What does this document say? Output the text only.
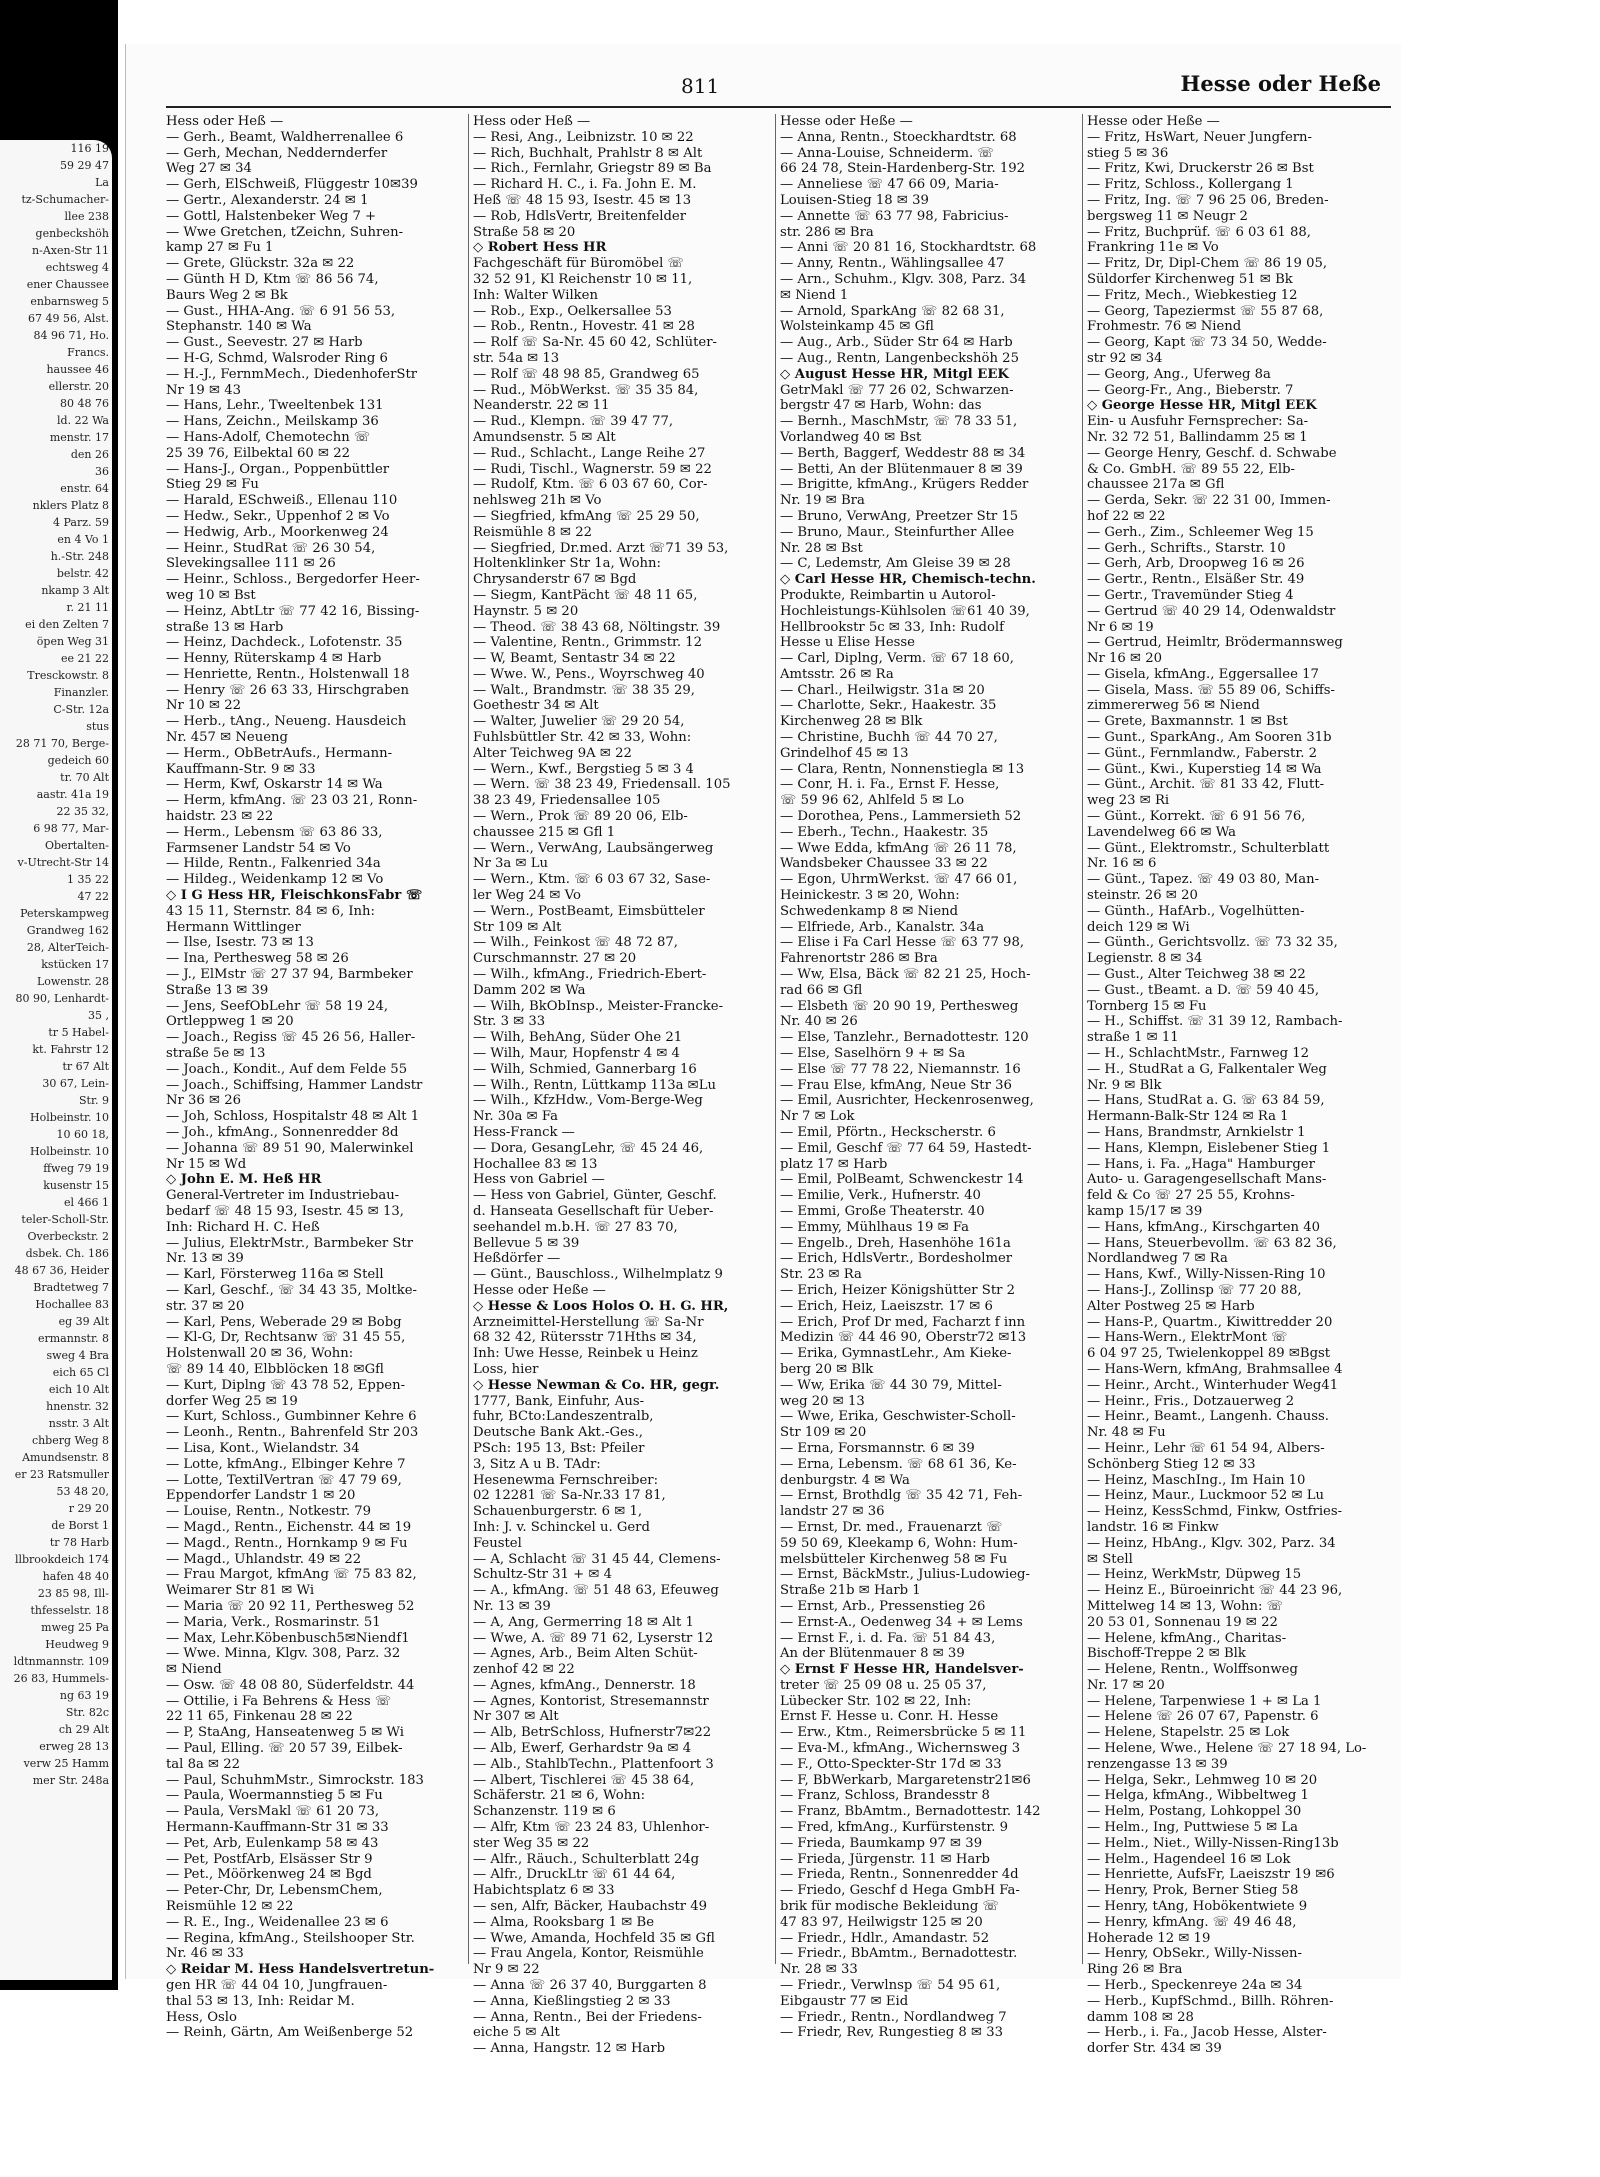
116 19
59 29 47
La
tz-Schumacher-
llee 238
genbeckshöh
n-Axen-Str 11
echtsweg 4
ener Chaussee
enbarnsweg 5
67 49 56, Alst.
84 96 71, Ho.
Francs.
haussee 46
ellerstr. 20
80 48 76
ld. 22 Wa
menstr. 17
den 26
36
enstr. 64
nklers Platz 8
4 Parz. 59
en 4 Vo 1
h.-Str. 248
belstr. 42
nkamp 3 Alt
r. 21 11
ei den Zelten 7
öpen Weg 31
ee 21 22
Tresckowstr. 8
Finanzler.
C-Str. 12a
stus
28 71 70, Berge-
gedeich 60
tr. 70 Alt
aastr. 41a 19
22 35 32,
6 98 77, Mar-
Obertalten-
v-Utrecht-Str 14
1 35 22
47 22
Peterskampweg
Grandweg 162
28, AlterTeich-
kstücken 17
Lowenstr. 28
80 90, Lenhardt-
35 ,
tr 5 Habel-
kt. Fahrstr 12
tr 67 Alt
30 67, Lein-
Str. 9
Holbeinstr. 10
10 60 18,
Holbeinstr. 10
ffweg 79 19
kusenstr 15
el 466 1
teler-Scholl-Str.
Overbeckstr. 2
dsbek. Ch. 186
48 67 36, Heider
Bradtetweg 7
Hochallee 83
eg 39 Alt
ermannstr. 8
sweg 4 Bra
eich 65 Cl
eich 10 Alt
hnenstr. 32
nsstr. 3 Alt
chberg Weg 8
Amundsenstr. 8
er 23 Ratsmuller
53 48 20,
r 29 20
de Borst 1
tr 78 Harb
llbrookdeich 174
hafen 48 40
23 85 98, Ill-
thfesselstr. 18
mweg 25 Pa
Heudweg 9
ldtnmannstr. 109
26 83, Hummels-
ng 63 19
Str. 82c
ch 29 Alt
erweg 28 13
verw 25 Hamm
mer Str. 248a
811	Hesse oder Heße
Hess oder Heß —
— Gerh., Beamt, Waldherrenallee 6
— Gerh, Mechan, Neddernderfer
Weg 27 ✉ 34
— Gerh, ElSchweiß, Flüggestr 10✉39
— Gertr., Alexanderstr. 24 ✉ 1
— Gottl, Halstenbeker Weg 7 +
— Wwe Gretchen, tZeichn, Suhren-
kamp 27 ✉ Fu 1
— Grete, Glückstr. 32a ✉ 22
— Günth H D, Ktm ☏ 86 56 74,
Baurs Weg 2 ✉ Bk
— Gust., HHA-Ang. ☏ 6 91 56 53,
Stephanstr. 140 ✉ Wa
— Gust., Seevestr. 27 ✉ Harb
— H-G, Schmd, Walsroder Ring 6
— H.-J., FernmMech., DiedenhoferStr
Nr 19 ✉ 43
— Hans, Lehr., Tweeltenbek 131
— Hans, Zeichn., Meilskamp 36
— Hans-Adolf, Chemotechn ☏
25 39 76, Eilbektal 60 ✉ 22
— Hans-J., Organ., Poppenbüttler
Stieg 29 ✉ Fu
— Harald, ESchweiß., Ellenau 110
— Hedw., Sekr., Uppenhof 2 ✉ Vo
— Hedwig, Arb., Moorkenweg 24
— Heinr., StudRat ☏ 26 30 54,
Slevekingsallee 111 ✉ 26
— Heinr., Schloss., Bergedorfer Heer-
weg 10 ✉ Bst
— Heinz, AbtLtr ☏ 77 42 16, Bissing-
straße 13 ✉ Harb
— Heinz, Dachdeck., Lofotenstr. 35
— Henny, Rüterskamp 4 ✉ Harb
— Henriette, Rentn., Holstenwall 18
— Henry ☏ 26 63 33, Hirschgraben
Nr 10 ✉ 22
— Herb., tAng., Neueng. Hausdeich
Nr. 457 ✉ Neueng
— Herm., ObBetrAufs., Hermann-
Kauffmann-Str. 9 ✉ 33
— Herm, Kwf, Oskarstr 14 ✉ Wa
— Herm, kfmAng. ☏ 23 03 21, Ronn-
haidstr. 23 ✉ 22
— Herm., Lebensm ☏ 63 86 33,
Farmsener Landstr 54 ✉ Vo
— Hilde, Rentn., Falkenried 34a
— Hildeg., Weidenkamp 12 ✉ Vo
◇ I G Hess HR, FleischkonsFabr ☏
43 15 11, Sternstr. 84 ✉ 6, Inh:
Hermann Wittlinger
— Ilse, Isestr. 73 ✉ 13
— Ina, Perthesweg 58 ✉ 26
— J., ElMstr ☏ 27 37 94, Barmbeker
Straße 13 ✉ 39
— Jens, SeefObLehr ☏ 58 19 24,
Ortleppweg 1 ✉ 20
— Joach., Regiss ☏ 45 26 56, Haller-
straße 5e ✉ 13
— Joach., Kondit., Auf dem Felde 55
— Joach., Schiffsing, Hammer Landstr
Nr 36 ✉ 26
— Joh, Schloss, Hospitalstr 48 ✉ Alt 1
— Joh., kfmAng., Sonnenredder 8d
— Johanna ☏ 89 51 90, Malerwinkel
Nr 15 ✉ Wd
◇ John E. M. Heß HR
General-Vertreter im Industriebau-
bedarf ☏ 48 15 93, Isestr. 45 ✉ 13,
Inh: Richard H. C. Heß
— Julius, ElektrMstr., Barmbeker Str
Nr. 13 ✉ 39
— Karl, Försterweg 116a ✉ Stell
— Karl, Geschf., ☏ 34 43 35, Moltke-
str. 37 ✉ 20
— Karl, Pens, Weberade 29 ✉ Bobg
— Kl-G, Dr, Rechtsanw ☏ 31 45 55,
Holstenwall 20 ✉ 36, Wohn:
☏ 89 14 40, Elbblöcken 18 ✉Gfl
— Kurt, Diplng ☏ 43 78 52, Eppen-
dorfer Weg 25 ✉ 19
— Kurt, Schloss., Gumbinner Kehre 6
— Leonh., Rentn., Bahrenfeld Str 203
— Lisa, Kont., Wielandstr. 34
— Lotte, kfmAng., Elbinger Kehre 7
— Lotte, TextilVertran ☏ 47 79 69,
Eppendorfer Landstr 1 ✉ 20
— Louise, Rentn., Notkestr. 79
— Magd., Rentn., Eichenstr. 44 ✉ 19
— Magd., Rentn., Hornkamp 9 ✉ Fu
— Magd., Uhlandstr. 49 ✉ 22
— Frau Margot, kfmAng ☏ 75 83 82,
Weimarer Str 81 ✉ Wi
— Maria ☏ 20 92 11, Perthesweg 52
— Maria, Verk., Rosmarinstr. 51
— Max, Lehr.Köbenbusch5✉Niendf1
— Wwe. Minna, Klgv. 308, Parz. 32
✉ Niend
— Osw. ☏ 48 08 80, Süderfeldstr. 44
— Ottilie, i Fa Behrens & Hess ☏
22 11 65, Finkenau 28 ✉ 22
— P, StaAng, Hanseatenweg 5 ✉ Wi
— Paul, Elling. ☏ 20 57 39, Eilbek-
tal 8a ✉ 22
— Paul, SchuhmMstr., Simrockstr. 183
— Paula, Woermannstieg 5 ✉ Fu
— Paula, VersMakl ☏ 61 20 73,
Hermann-Kauffmann-Str 31 ✉ 33
— Pet, Arb, Eulenkamp 58 ✉ 43
— Pet, PostfArb, Elsässer Str 9
— Pet., Möörkenweg 24 ✉ Bgd
— Peter-Chr, Dr, LebensmChem,
Reismühle 12 ✉ 22
— R. E., Ing., Weidenallee 23 ✉ 6
— Regina, kfmAng., Steilshooper Str.
Nr. 46 ✉ 33
◇ Reidar M. Hess Handelsvertretun-
gen HR ☏ 44 04 10, Jungfrauen-
thal 53 ✉ 13, Inh: Reidar M.
Hess, Oslo
— Reinh, Gärtn, Am Weißenberge 52
Hess oder Heß —
— Resi, Ang., Leibnizstr. 10 ✉ 22
— Rich, Buchhalt, Prahlstr 8 ✉ Alt
— Rich., Fernlahr, Griegstr 89 ✉ Ba
— Richard H. C., i. Fa. John E. M.
Heß ☏ 48 15 93, Isestr. 45 ✉ 13
— Rob, HdlsVertr, Breitenfelder
Straße 58 ✉ 20
◇ Robert Hess HR
Fachgeschäft für Büromöbel ☏
32 52 91, Kl Reichenstr 10 ✉ 11,
Inh: Walter Wilken
— Rob., Exp., Oelkersallee 53
— Rob., Rentn., Hovestr. 41 ✉ 28
— Rolf ☏ Sa-Nr. 45 60 42, Schlüter-
str. 54a ✉ 13
— Rolf ☏ 48 98 85, Grandweg 65
— Rud., MöbWerkst. ☏ 35 35 84,
Neanderstr. 22 ✉ 11
— Rud., Klempn. ☏ 39 47 77,
Amundsenstr. 5 ✉ Alt
— Rud., Schlacht., Lange Reihe 27
— Rudi, Tischl., Wagnerstr. 59 ✉ 22
— Rudolf, Ktm. ☏ 6 03 67 60, Cor-
nehlsweg 21h ✉ Vo
— Siegfried, kfmAng ☏ 25 29 50,
Reismühle 8 ✉ 22
— Siegfried, Dr.med. Arzt ☏71 39 53,
Holtenklinker Str 1a, Wohn:
Chrysanderstr 67 ✉ Bgd
— Siegm, KantPächt ☏ 48 11 65,
Haynstr. 5 ✉ 20
— Theod. ☏ 38 43 68, Nöltingstr. 39
— Valentine, Rentn., Grimmstr. 12
— W, Beamt, Sentastr 34 ✉ 22
— Wwe. W., Pens., Woyrschweg 40
— Walt., Brandmstr. ☏ 38 35 29,
Goethestr 34 ✉ Alt
— Walter, Juwelier ☏ 29 20 54,
Fuhlsbüttler Str. 42 ✉ 33, Wohn:
Alter Teichweg 9A ✉ 22
— Wern., Kwf., Bergstieg 5 ✉ 3 4
— Wern. ☏ 38 23 49, Friedensall. 105
38 23 49, Friedensallee 105
— Wern., Prok ☏ 89 20 06, Elb-
chaussee 215 ✉ Gfl 1
— Wern., VerwAng, Laubsängerweg
Nr 3a ✉ Lu
— Wern., Ktm. ☏ 6 03 67 32, Sase-
ler Weg 24 ✉ Vo
— Wern., PostBeamt, Eimsbütteler
Str 109 ✉ Alt
— Wilh., Feinkost ☏ 48 72 87,
Curschmannstr. 27 ✉ 20
— Wilh., kfmAng., Friedrich-Ebert-
Damm 202 ✉ Wa
— Wilh, BkObInsp., Meister-Francke-
Str. 3 ✉ 33
— Wilh, BehAng, Süder Ohe 21
— Wilh, Maur, Hopfenstr 4 ✉ 4
— Wilh, Schmied, Gannerbarg 16
— Wilh., Rentn, Lüttkamp 113a ✉Lu
— Wilh., KfzHdw., Vom-Berge-Weg
Nr. 30a ✉ Fa
Hess-Franck —
— Dora, GesangLehr, ☏ 45 24 46,
Hochallee 83 ✉ 13
Hess von Gabriel —
— Hess von Gabriel, Günter, Geschf.
d. Hanseata Gesellschaft für Ueber-
seehandel m.b.H. ☏ 27 83 70,
Bellevue 5 ✉ 39
Heßdörfer —
— Günt., Bauschloss., Wilhelmplatz 9
Hesse oder Heße —
◇ Hesse & Loos Holos O. H. G. HR,
Arzneimittel-Herstellung ☏ Sa-Nr
68 32 42, Rütersstr 71Hths ✉ 34,
Inh: Uwe Hesse, Reinbek u Heinz
Loss, hier
◇ Hesse Newman & Co. HR, gegr.
1777, Bank, Einfuhr, Aus-
fuhr, BCto:Landeszentralb,
Deutsche Bank Akt.-Ges.,
PSch: 195 13, Bst: Pfeiler
3, Sitz A u B. TAdr:
Hesenewma Fernschreiber:
02 12281 ☏ Sa-Nr.33 17 81,
Schauenburgerstr. 6 ✉ 1,
Inh: J. v. Schinckel u. Gerd
Feustel
— A, Schlacht ☏ 31 45 44, Clemens-
Schultz-Str 31 + ✉ 4
— A., kfmAng. ☏ 51 48 63, Efeuweg
Nr. 13 ✉ 39
— A, Ang, Germerring 18 ✉ Alt 1
— Wwe, A. ☏ 89 71 62, Lyserstr 12
— Agnes, Arb., Beim Alten Schüt-
zenhof 42 ✉ 22
— Agnes, kfmAng., Dennerstr. 18
— Agnes, Kontorist, Stresemannstr
Nr 307 ✉ Alt
— Alb, BetrSchloss, Hufnerstr7✉22
— Alb, Ewerf, Gerhardstr 9a ✉ 4
— Alb., StahlbTechn., Plattenfoort 3
— Albert, Tischlerei ☏ 45 38 64,
Schäferstr. 21 ✉ 6, Wohn:
Schanzenstr. 119 ✉ 6
— Alfr, Ktm ☏ 23 24 83, Uhlenhor-
ster Weg 35 ✉ 22
— Alfr., Räuch., Schulterblatt 24g
— Alfr., DruckLtr ☏ 61 44 64,
Habichtsplatz 6 ✉ 33
— sen, Alfr, Bäcker, Haubachstr 49
— Alma, Rooksbarg 1 ✉ Be
— Wwe, Amanda, Hochfeld 35 ✉ Gfl
— Frau Angela, Kontor, Reismühle
Nr 9 ✉ 22
— Anna ☏ 26 37 40, Burggarten 8
— Anna, Kießlingstieg 2 ✉ 33
— Anna, Rentn., Bei der Friedens-
eiche 5 ✉ Alt
— Anna, Hangstr. 12 ✉ Harb
Hesse oder Heße —
— Anna, Rentn., Stoeckhardtstr. 68
— Anna-Louise, Schneiderm. ☏
66 24 78, Stein-Hardenberg-Str. 192
— Anneliese ☏ 47 66 09, Maria-
Louisen-Stieg 18 ✉ 39
— Annette ☏ 63 77 98, Fabricius-
str. 286 ✉ Bra
— Anni ☏ 20 81 16, Stockhardtstr. 68
— Anny, Rentn., Wählingsallee 47
— Arn., Schuhm., Klgv. 308, Parz. 34
✉ Niend 1
— Arnold, SparkAng ☏ 82 68 31,
Wolsteinkamp 45 ✉ Gfl
— Aug., Arb., Süder Str 64 ✉ Harb
— Aug., Rentn, Langenbeckshöh 25
◇ August Hesse HR, Mitgl EEK
GetrMakl ☏ 77 26 02, Schwarzen-
bergstr 47 ✉ Harb, Wohn: das
— Bernh., MaschMstr, ☏ 78 33 51,
Vorlandweg 40 ✉ Bst
— Berth, Baggerf, Weddestr 88 ✉ 34
— Betti, An der Blütenmauer 8 ✉ 39
— Brigitte, kfmAng., Krügers Redder
Nr. 19 ✉ Bra
— Bruno, VerwAng, Preetzer Str 15
— Bruno, Maur., Steinfurther Allee
Nr. 28 ✉ Bst
— C, Ledemstr, Am Gleise 39 ✉ 28
◇ Carl Hesse HR, Chemisch-techn.
Produkte, Reimbartin u Autorol-
Hochleistungs-Kühlsolen ☏61 40 39,
Hellbrookstr 5c ✉ 33, Inh: Rudolf
Hesse u Elise Hesse
— Carl, Diplng, Verm. ☏ 67 18 60,
Amtsstr. 26 ✉ Ra
— Charl., Heilwigstr. 31a ✉ 20
— Charlotte, Sekr., Haakestr. 35
Kirchenweg 28 ✉ Blk
— Christine, Buchh ☏ 44 70 27,
Grindelhof 45 ✉ 13
— Clara, Rentn, Nonnenstiegla ✉ 13
— Conr, H. i. Fa., Ernst F. Hesse,
☏ 59 96 62, Ahlfeld 5 ✉ Lo
— Dorothea, Pens., Lammersieth 52
— Eberh., Techn., Haakestr. 35
— Wwe Edda, kfmAng ☏ 26 11 78,
Wandsbeker Chaussee 33 ✉ 22
— Egon, UhrmWerkst. ☏ 47 66 01,
Heinickestr. 3 ✉ 20, Wohn:
Schwedenkamp 8 ✉ Niend
— Elfriede, Arb., Kanalstr. 34a
— Elise i Fa Carl Hesse ☏ 63 77 98,
Fahrenortstr 286 ✉ Bra
— Ww, Elsa, Bäck ☏ 82 21 25, Hoch-
rad 66 ✉ Gfl
— Elsbeth ☏ 20 90 19, Perthesweg
Nr. 40 ✉ 26
— Else, Tanzlehr., Bernadottestr. 120
— Else, Saselhörn 9 + ✉ Sa
— Else ☏ 77 78 22, Niemannstr. 16
— Frau Else, kfmAng, Neue Str 36
— Emil, Ausrichter, Heckenrosenweg,
Nr 7 ✉ Lok
— Emil, Pförtn., Heckscherstr. 6
— Emil, Geschf ☏ 77 64 59, Hastedt-
platz 17 ✉ Harb
— Emil, PolBeamt, Schwenckestr 14
— Emilie, Verk., Hufnerstr. 40
— Emmi, Große Theaterstr. 40
— Emmy, Mühlhaus 19 ✉ Fa
— Engelb., Dreh, Hasenhöhe 161a
— Erich, HdlsVertr., Bordesholmer
Str. 23 ✉ Ra
— Erich, Heizer Königshütter Str 2
— Erich, Heiz, Laeiszstr. 17 ✉ 6
— Erich, Prof Dr med, Facharzt f inn
Medizin ☏ 44 46 90, Oberstr72 ✉13
— Erika, GymnastLehr., Am Kieke-
berg 20 ✉ Blk
— Ww, Erika ☏ 44 30 79, Mittel-
weg 20 ✉ 13
— Wwe, Erika, Geschwister-Scholl-
Str 109 ✉ 20
— Erna, Forsmannstr. 6 ✉ 39
— Erna, Lebensm. ☏ 68 61 36, Ke-
denburgstr. 4 ✉ Wa
— Ernst, Brothdlg ☏ 35 42 71, Feh-
landstr 27 ✉ 36
— Ernst, Dr. med., Frauenarzt ☏
59 50 69, Kleekamp 6, Wohn: Hum-
melsbütteler Kirchenweg 58 ✉ Fu
— Ernst, BäckMstr., Julius-Ludowieg-
Straße 21b ✉ Harb 1
— Ernst, Arb., Pressenstieg 26
— Ernst-A., Oedenweg 34 + ✉ Lems
— Ernst F., i. d. Fa. ☏ 51 84 43,
An der Blütenmauer 8 ✉ 39
◇ Ernst F Hesse HR, Handelsver-
treter ☏ 25 09 08 u. 25 05 37,
Lübecker Str. 102 ✉ 22, Inh:
Ernst F. Hesse u. Conr. H. Hesse
— Erw., Ktm., Reimersbrücke 5 ✉ 11
— Eva-M., kfmAng., Wichernsweg 3
— F., Otto-Speckter-Str 17d ✉ 33
— F, BbWerkarb, Margaretenstr21✉6
— Franz, Schloss, Brandesstr 8
— Franz, BbAmtm., Bernadottestr. 142
— Fred, kfmAng., Kurfürstenstr. 9
— Frieda, Baumkamp 97 ✉ 39
— Frieda, Jürgenstr. 11 ✉ Harb
— Frieda, Rentn., Sonnenredder 4d
— Friedo, Geschf d Hega GmbH Fa-
brik für modische Bekleidung ☏
47 83 97, Heilwigstr 125 ✉ 20
— Friedr., Hdlr., Amandastr. 52
— Friedr., BbAmtm., Bernadottestr.
Nr. 28 ✉ 33
— Friedr., Verwlnsp ☏ 54 95 61,
Eibgaustr 77 ✉ Eid
— Friedr., Rentn., Nordlandweg 7
— Friedr, Rev, Rungestieg 8 ✉ 33
Hesse oder Heße —
— Fritz, HsWart, Neuer Jungfern-
stieg 5 ✉ 36
— Fritz, Kwi, Druckerstr 26 ✉ Bst
— Fritz, Schloss., Kollergang 1
— Fritz, Ing. ☏ 7 96 25 06, Breden-
bergsweg 11 ✉ Neugr 2
— Fritz, Buchprüf. ☏ 6 03 61 88,
Frankring 11e ✉ Vo
— Fritz, Dr, Dipl-Chem ☏ 86 19 05,
Süldorfer Kirchenweg 51 ✉ Bk
— Fritz, Mech., Wiebkestieg 12
— Georg, Tapeziermst ☏ 55 87 68,
Frohmestr. 76 ✉ Niend
— Georg, Kapt ☏ 73 34 50, Wedde-
str 92 ✉ 34
— Georg, Ang., Uferweg 8a
— Georg-Fr., Ang., Bieberstr. 7
◇ George Hesse HR, Mitgl EEK
Ein- u Ausfuhr Fernsprecher: Sa-
Nr. 32 72 51, Ballindamm 25 ✉ 1
— George Henry, Geschf. d. Schwabe
& Co. GmbH. ☏ 89 55 22, Elb-
chaussee 217a ✉ Gfl
— Gerda, Sekr. ☏ 22 31 00, Immen-
hof 22 ✉ 22
— Gerh., Zim., Schleemer Weg 15
— Gerh., Schrifts., Starstr. 10
— Gerh, Arb, Droopweg 16 ✉ 26
— Gertr., Rentn., Elsäßer Str. 49
— Gertr., Travemünder Stieg 4
— Gertrud ☏ 40 29 14, Odenwaldstr
Nr 6 ✉ 19
— Gertrud, Heimltr, Brödermannsweg
Nr 16 ✉ 20
— Gisela, kfmAng., Eggersallee 17
— Gisela, Mass. ☏ 55 89 06, Schiffs-
zimmererweg 56 ✉ Niend
— Grete, Baxmannstr. 1 ✉ Bst
— Gunt., SparkAng., Am Sooren 31b
— Günt., Fernmlandw., Faberstr. 2
— Günt., Kwi., Kuperstieg 14 ✉ Wa
— Günt., Archit. ☏ 81 33 42, Flutt-
weg 23 ✉ Ri
— Günt., Korrekt. ☏ 6 91 56 76,
Lavendelweg 66 ✉ Wa
— Günt., Elektromstr., Schulterblatt
Nr. 16 ✉ 6
— Günt., Tapez. ☏ 49 03 80, Man-
steinstr. 26 ✉ 20
— Günth., HafArb., Vogelhütten-
deich 129 ✉ Wi
— Günth., Gerichtsvollz. ☏ 73 32 35,
Legienstr. 8 ✉ 34
— Gust., Alter Teichweg 38 ✉ 22
— Gust., tBeamt. a D. ☏ 59 40 45,
Tornberg 15 ✉ Fu
— H., Schiffst. ☏ 31 39 12, Rambach-
straße 1 ✉ 11
— H., SchlachtMstr., Farnweg 12
— H., StudRat a G, Falkentaler Weg
Nr. 9 ✉ Blk
— Hans, StudRat a. G. ☏ 63 84 59,
Hermann-Balk-Str 124 ✉ Ra 1
— Hans, Brandmstr, Arnkielstr 1
— Hans, Klempn, Eislebener Stieg 1
— Hans, i. Fa. „Haga" Hamburger
Auto- u. Garagengesellschaft Mans-
feld & Co ☏ 27 25 55, Krohns-
kamp 15/17 ✉ 39
— Hans, kfmAng., Kirschgarten 40
— Hans, Steuerbevollm. ☏ 63 82 36,
Nordlandweg 7 ✉ Ra
— Hans, Kwf., Willy-Nissen-Ring 10
— Hans-J., Zollinsp ☏ 77 20 88,
Alter Postweg 25 ✉ Harb
— Hans-P., Quartm., Kiwittredder 20
— Hans-Wern., ElektrMont ☏
6 04 97 25, Twielenkoppel 89 ✉Bgst
— Hans-Wern, kfmAng, Brahmsallee 4
— Heinr., Archt., Winterhuder Weg41
— Heinr., Fris., Dotzauerweg 2
— Heinr., Beamt., Langenh. Chauss.
Nr. 48 ✉ Fu
— Heinr., Lehr ☏ 61 54 94, Albers-
Schönberg Stieg 12 ✉ 33
— Heinz, MaschIng., Im Hain 10
— Heinz, Maur., Luckmoor 52 ✉ Lu
— Heinz, KessSchmd, Finkw, Ostfries-
landstr. 16 ✉ Finkw
— Heinz, HbAng., Klgv. 302, Parz. 34
✉ Stell
— Heinz, WerkMstr, Düpweg 15
— Heinz E., Büroeinricht ☏ 44 23 96,
Mittelweg 14 ✉ 13, Wohn: ☏
20 53 01, Sonnenau 19 ✉ 22
— Helene, kfmAng., Charitas-
Bischoff-Treppe 2 ✉ Blk
— Helene, Rentn., Wolffsonweg
Nr. 17 ✉ 20
— Helene, Tarpenwiese 1 + ✉ La 1
— Helene ☏ 26 07 67, Papenstr. 6
— Helene, Stapelstr. 25 ✉ Lok
— Helene, Wwe., Helene ☏ 27 18 94, Lo-
renzengasse 13 ✉ 39
— Helga, Sekr., Lehmweg 10 ✉ 20
— Helga, kfmAng., Wibbeltweg 1
— Helm, Postang, Lohkoppel 30
— Helm., Ing, Puttwiese 5 ✉ La
— Helm., Niet., Willy-Nissen-Ring13b
— Helm., Hagendeel 16 ✉ Lok
— Henriette, AufsFr, Laeiszstr 19 ✉6
— Henry, Prok, Berner Stieg 58
— Henry, tAng, Hobökentwiete 9
— Henry, kfmAng. ☏ 49 46 48,
Hoherade 12 ✉ 19
— Henry, ObSekr., Willy-Nissen-
Ring 26 ✉ Bra
— Herb., Speckenreye 24a ✉ 34
— Herb., KupfSchmd., Billh. Röhren-
damm 108 ✉ 28
— Herb., i. Fa., Jacob Hesse, Alster-
dorfer Str. 434 ✉ 39
